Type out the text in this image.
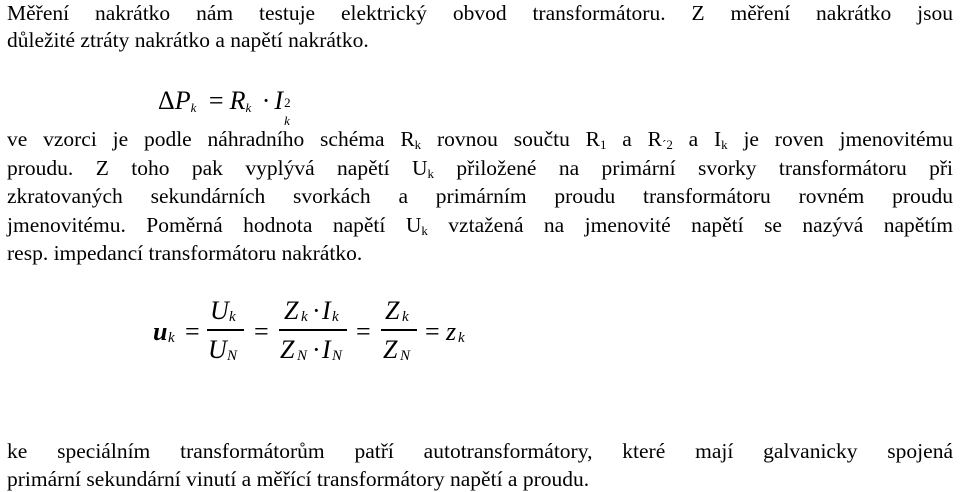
Měření nakrátko nám testuje elektrický obvod transformátoru. Z měření nakrátko jsou
důležité ztráty nakrátko a napětí nakrátko.
$\Delta P_k = R_k \cdot I$ 2
k
ve vzorci je podle náhradního schéma $R_k$ rovnou součtu $R_1$ a $R_{´2}$ a $I_k$ je roven jmenovitému
proudu. Z toho pak vyplývá napětí $U_k$ přiložené na primární svorky transformátoru při
zkratovaných sekundárních svorkách a primárním proudu transformátoru rovném proudu
jmenovitému. Poměrná hodnota napětí $U_k$ vztažená na jmenovité napětí se nazývá napětím
resp. impedancí transformátoru nakrátko.
u k =
U k
U N
=
Z k · I k
Z N · I N
=
Z k
Z N
= z k
ke speciálním transformátorům patří autotransformátory, které mají galvanicky spojená
primární sekundární vinutí a měřící transformátory napětí a proudu.
